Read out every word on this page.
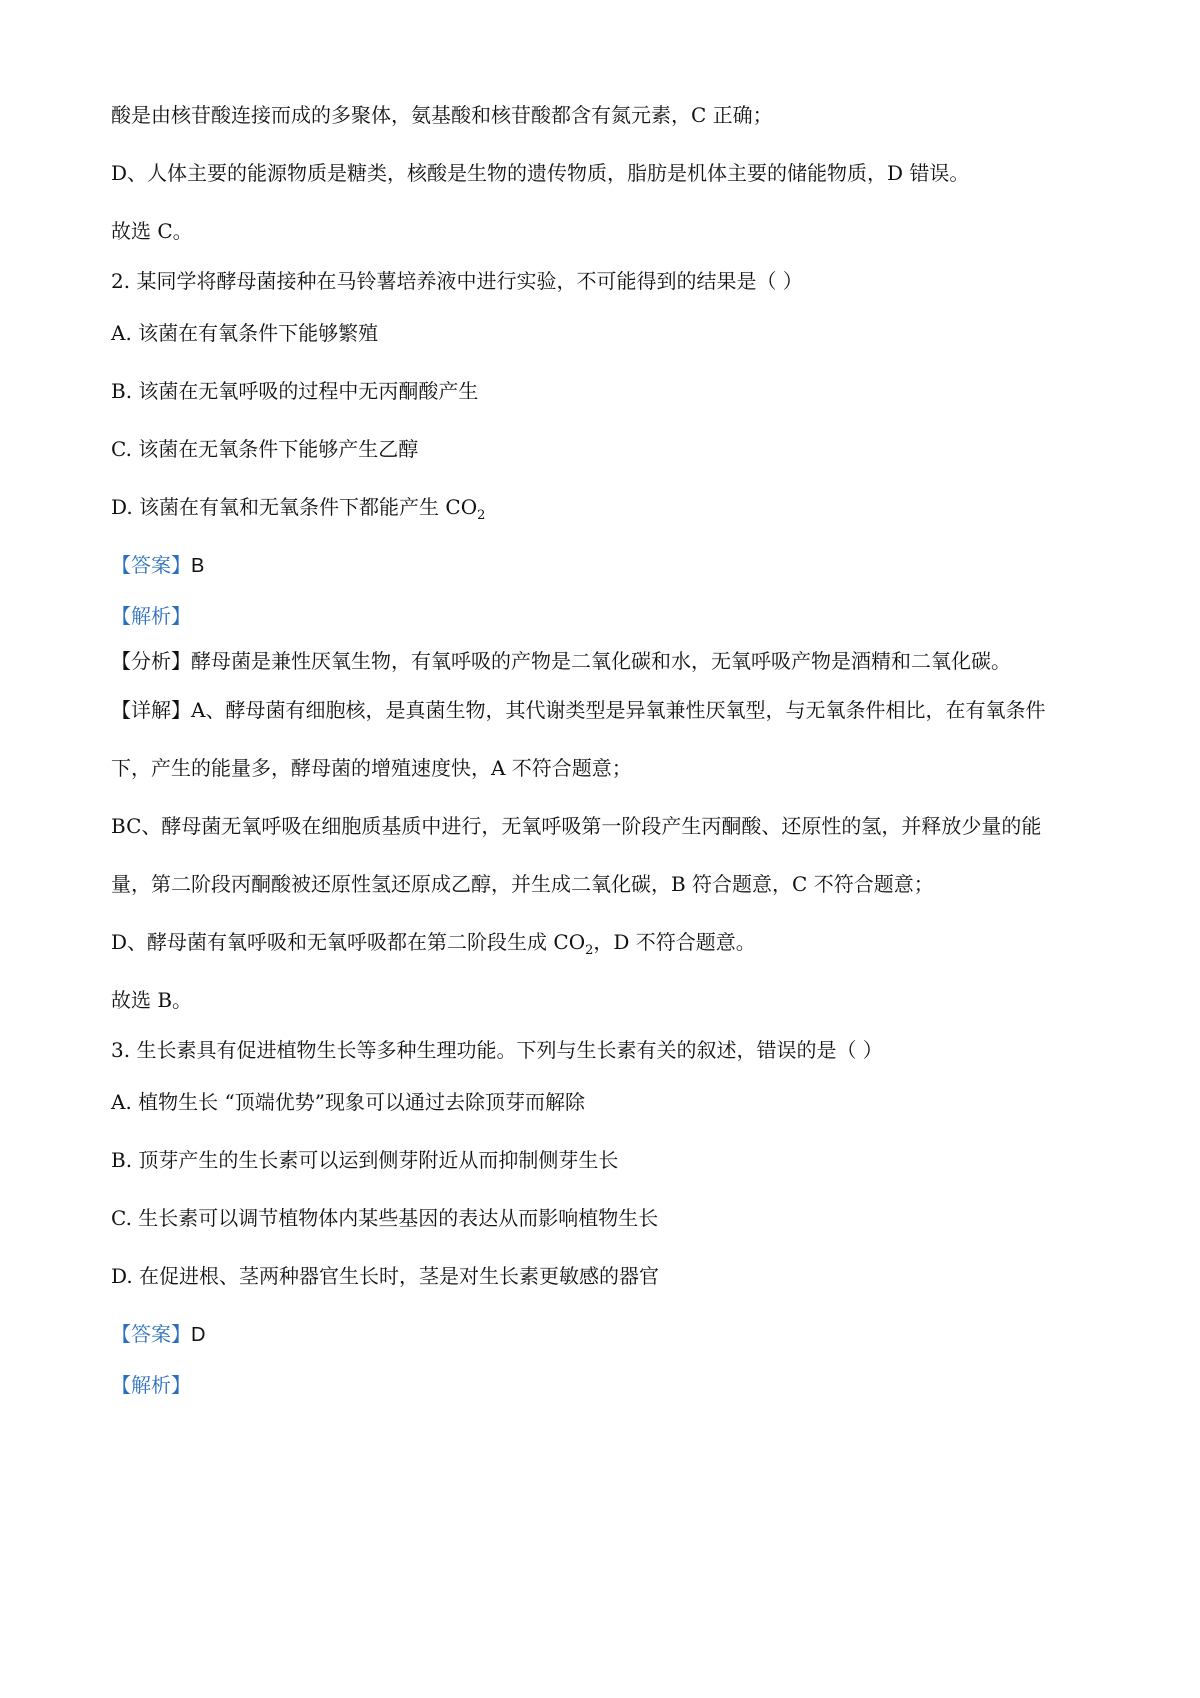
酸是由核苷酸连接而成的多聚体，氨基酸和核苷酸都含有氮元素，C 正确；
D、人体主要的能源物质是糖类，核酸是生物的遗传物质，脂肪是机体主要的储能物质，D 错误。
故选 C。
2. 某同学将酵母菌接种在马铃薯培养液中进行实验，不可能得到的结果是（ ）
A. 该菌在有氧条件下能够繁殖
B. 该菌在无氧呼吸的过程中无丙酮酸产生
C. 该菌在无氧条件下能够产生乙醇
D. 该菌在有氧和无氧条件下都能产生 $CO_2$
【答案】B
【解析】
【分析】酵母菌是兼性厌氧生物，有氧呼吸的产物是二氧化碳和水，无氧呼吸产物是酒精和二氧化碳。
【详解】A、酵母菌有细胞核，是真菌生物，其代谢类型是异氧兼性厌氧型，与无氧条件相比，在有氧条件
下，产生的能量多，酵母菌的增殖速度快，A 不符合题意；
BC、酵母菌无氧呼吸在细胞质基质中进行，无氧呼吸第一阶段产生丙酮酸、还原性的氢，并释放少量的能
量，第二阶段丙酮酸被还原性氢还原成乙醇，并生成二氧化碳，B 符合题意，C 不符合题意；
D、酵母菌有氧呼吸和无氧呼吸都在第二阶段生成 $CO_2$，D 不符合题意。
故选 B。
3. 生长素具有促进植物生长等多种生理功能。下列与生长素有关的叙述，错误的是（ ）
A. 植物生长 “顶端优势”现象可以通过去除顶芽而解除
B. 顶芽产生的生长素可以运到侧芽附近从而抑制侧芽生长
C. 生长素可以调节植物体内某些基因的表达从而影响植物生长
D. 在促进根、茎两种器官生长时，茎是对生长素更敏感的器官
【答案】D
【解析】
